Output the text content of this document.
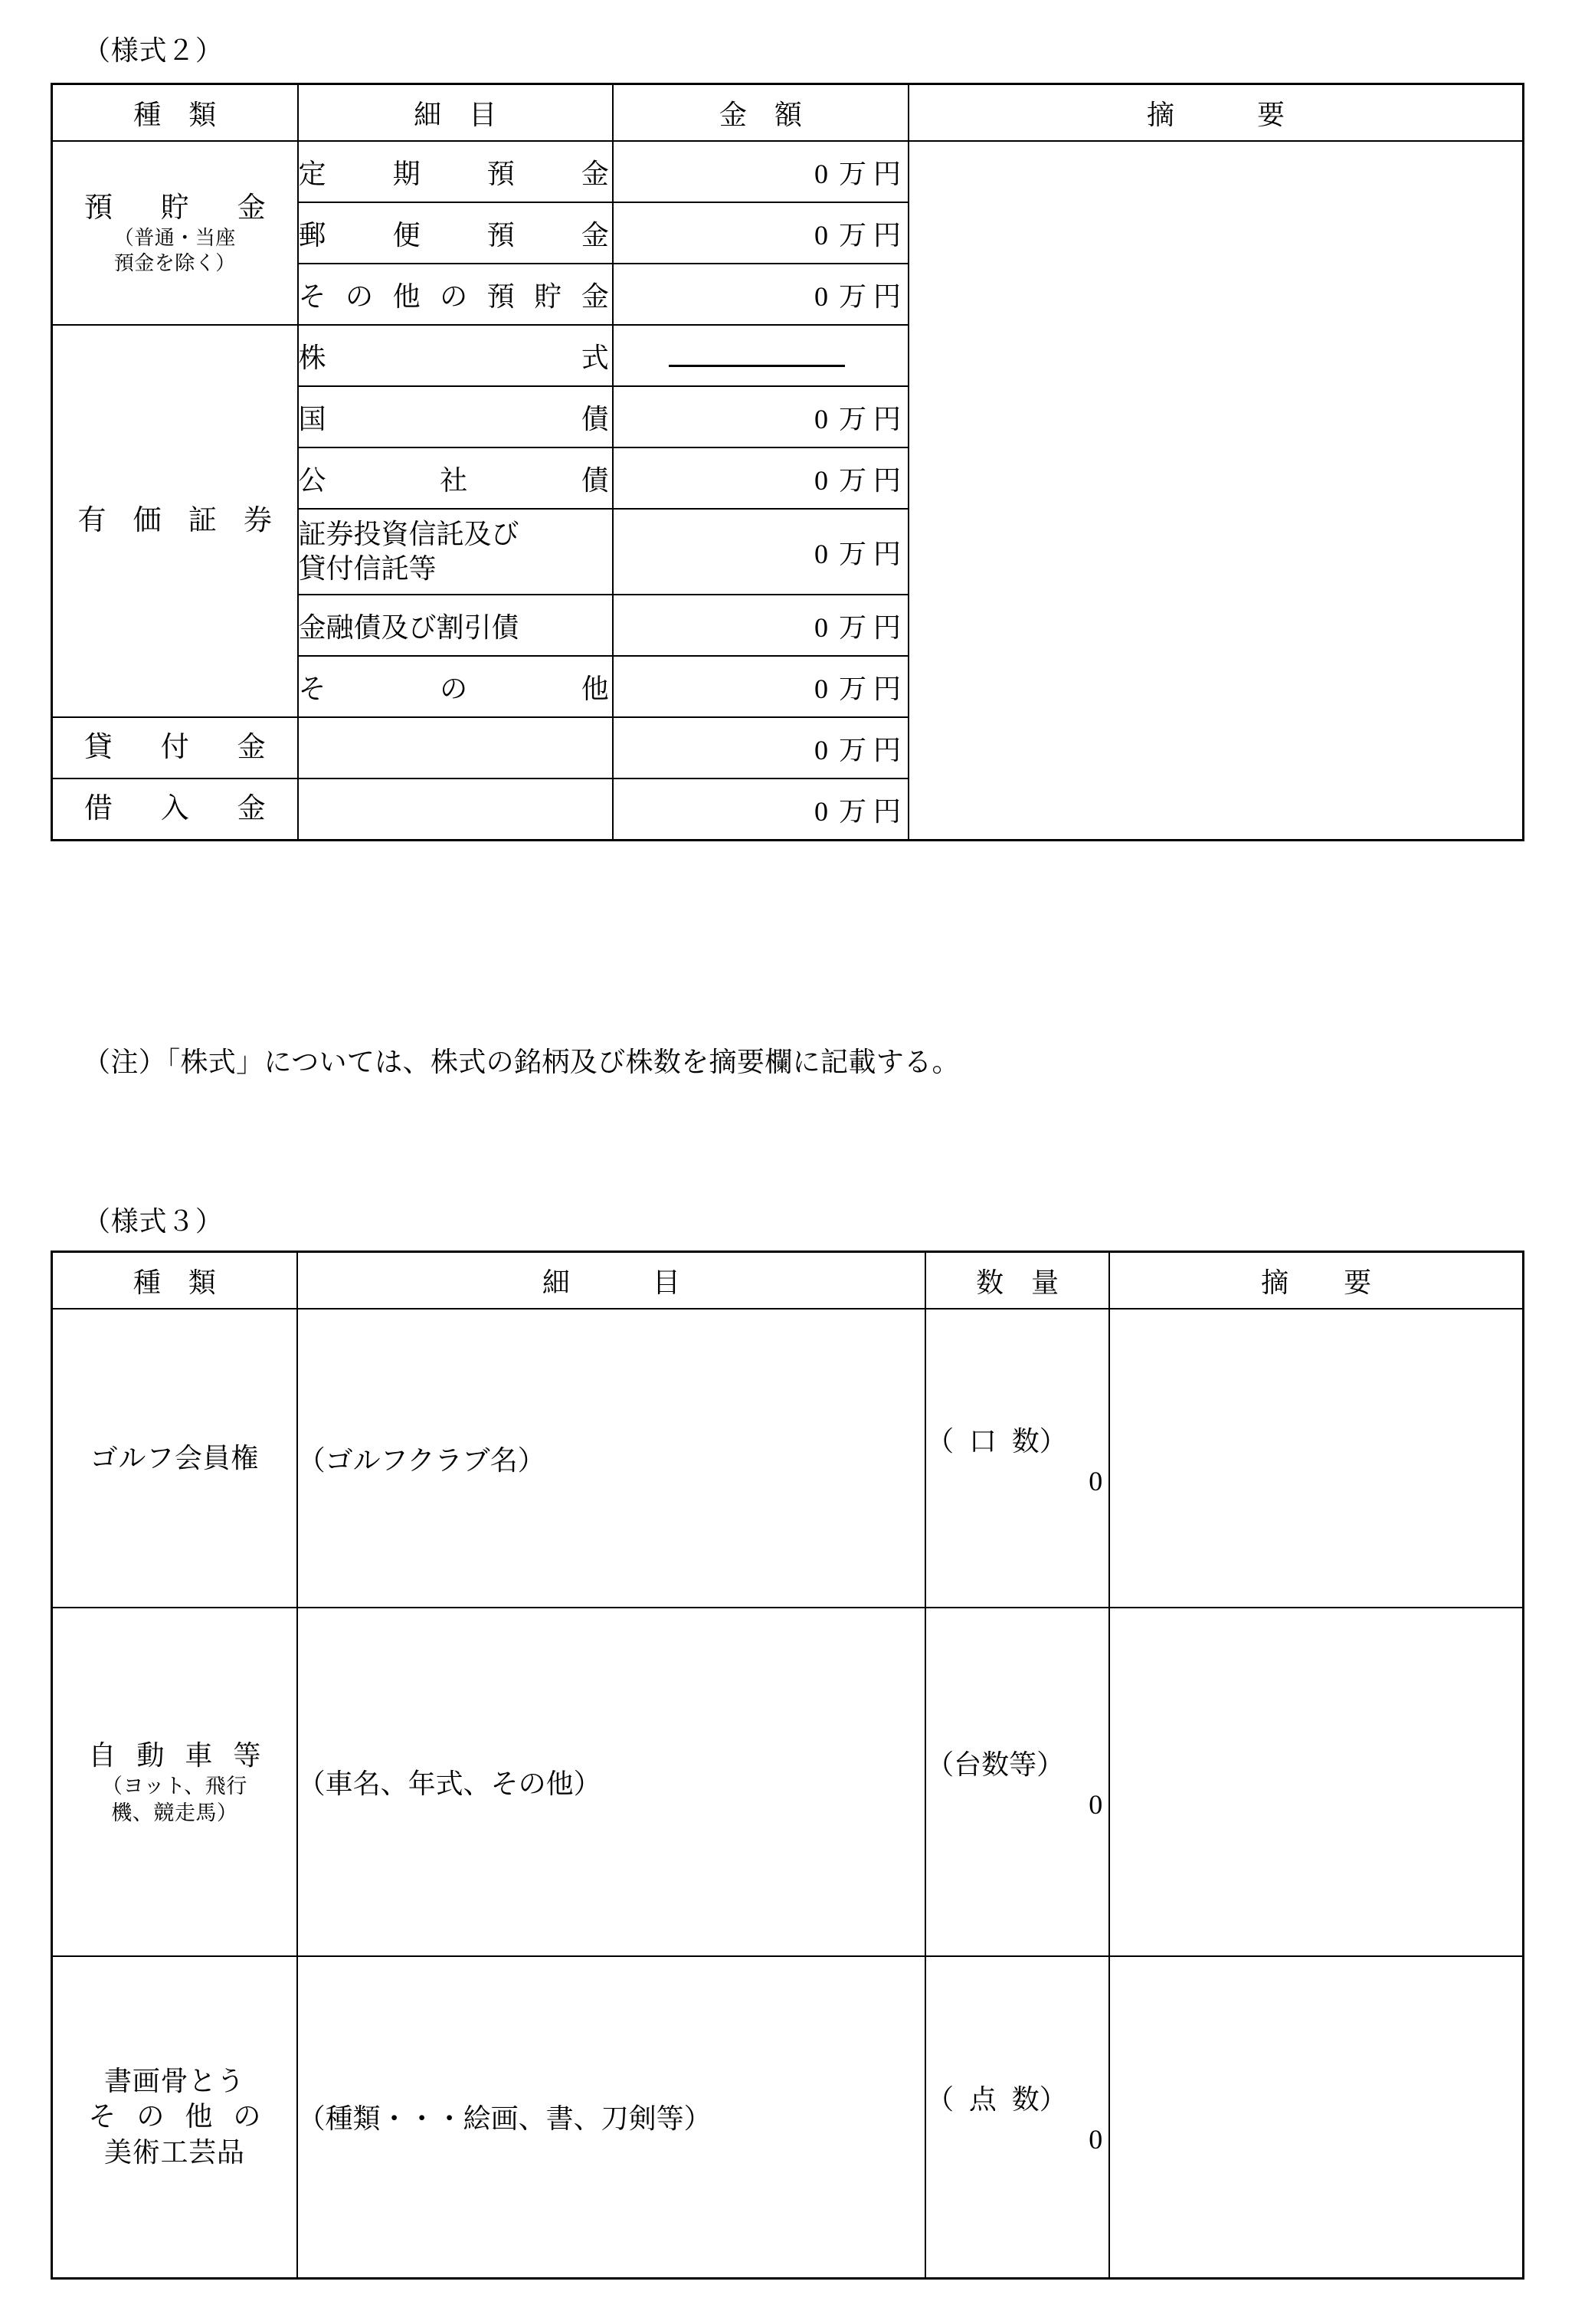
（様式２）
種　類	細　目	金　額	摘　　　要

預　貯　金
（普通・当座
預金を除く）	定期預金	0 万円	

	郵便預金	0 万円	

	その他の預貯金	0 万円	

有 価 証 券	株式		

	国債	0 万円	

	公社債	0 万円	
	証券投資信託及び
貸付信託等	0 万円	
	金融債及び割引債	0 万円	

	その他	0 万円	

貸　付　金		0 万円	

借　入　金		0 万円	
（注）「株式」については、株式の銘柄及び株数を摘要欄に記載する。
（様式３）
種　類	細　　　目	数　量	摘　　要

ゴルフ会員権	（ゴルフクラブ名）	（口数）
0	

自 動 車 等
（ヨット、飛行
機、競走馬）	（車名、年式、その他）	（台数等）
0	

書画骨とう
そ の 他 の
美術工芸品	（種類・・・絵画、書、刀剣等）	（点数）
0	
